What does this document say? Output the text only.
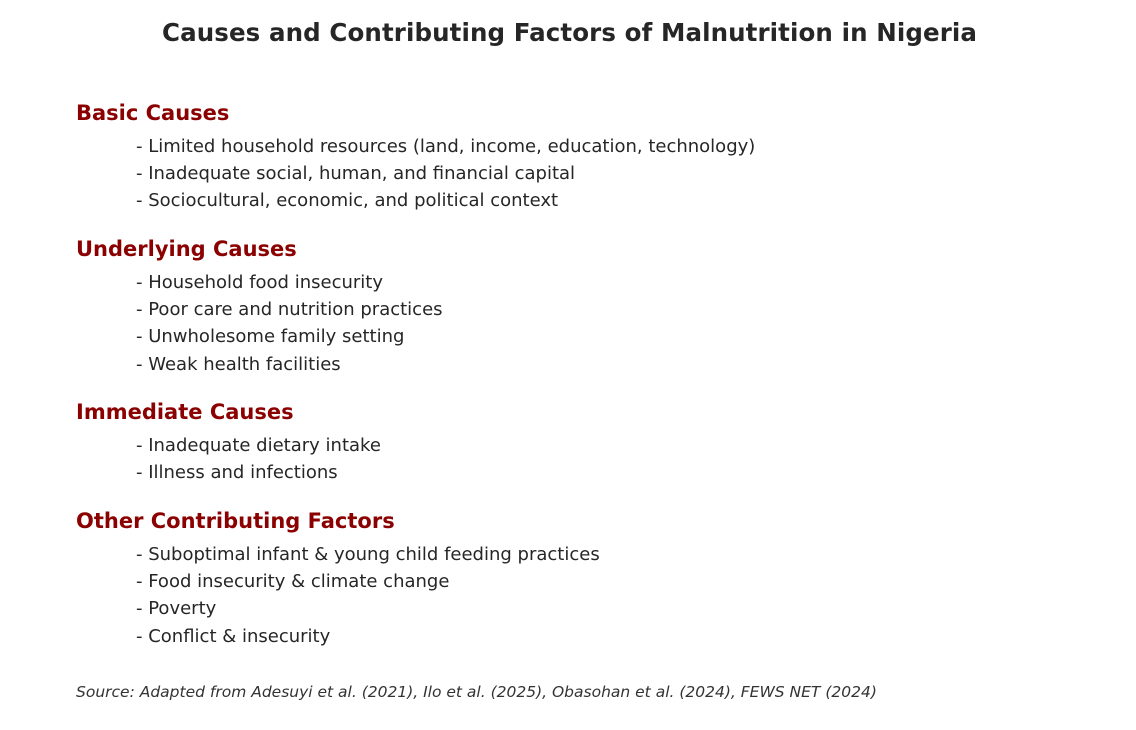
Causes and Contributing Factors of Malnutrition in Nigeria
Basic Causes
- Limited household resources (land, income, education, technology)
- Inadequate social, human, and financial capital
- Sociocultural, economic, and political context
Underlying Causes
- Household food insecurity
- Poor care and nutrition practices
- Unwholesome family setting
- Weak health facilities
Immediate Causes
- Inadequate dietary intake
- Illness and infections
Other Contributing Factors
- Suboptimal infant & young child feeding practices
- Food insecurity & climate change
- Poverty
- Conflict & insecurity
Source: Adapted from Adesuyi et al. (2021), Ilo et al. (2025), Obasohan et al. (2024), FEWS NET (2024)
